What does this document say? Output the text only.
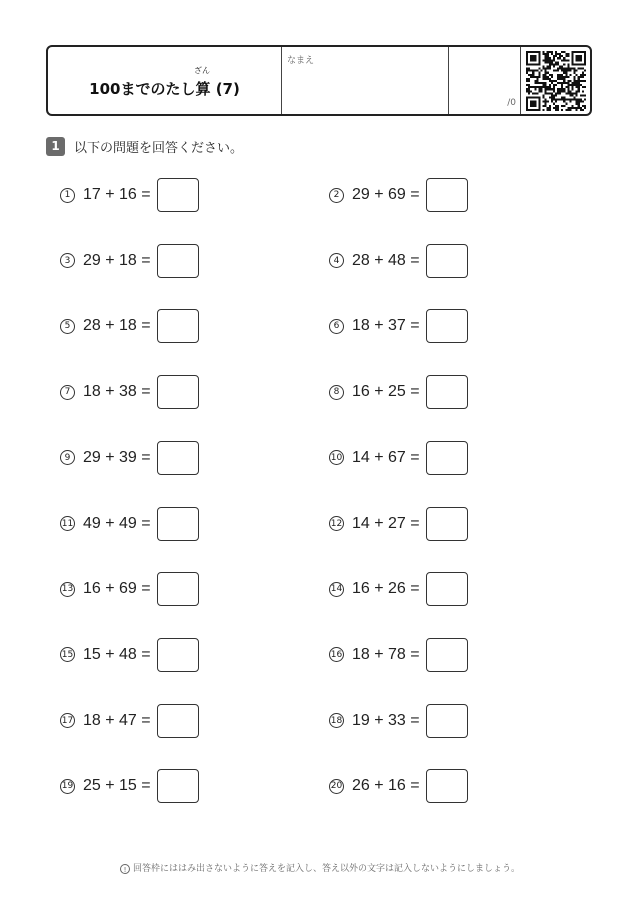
ざん
100までのたし算 (7)
なまえ
/0
1	以下の問題を回答ください。
1 17 + 16 =	2 29 + 69 =
3 29 + 18 =	4 28 + 48 =
5 28 + 18 =	6 18 + 37 =
7 18 + 38 =	8 16 + 25 =
9 29 + 39 =	10 14 + 67 =
11 49 + 49 =	12 14 + 27 =
13 16 + 69 =	14 16 + 26 =
15 15 + 48 =	16 18 + 78 =
17 18 + 47 =	18 19 + 33 =
19 25 + 15 =	20 26 + 16 =
! 回答枠にははみ出さないように答えを記入し、答え以外の文字は記入しないようにしましょう。
